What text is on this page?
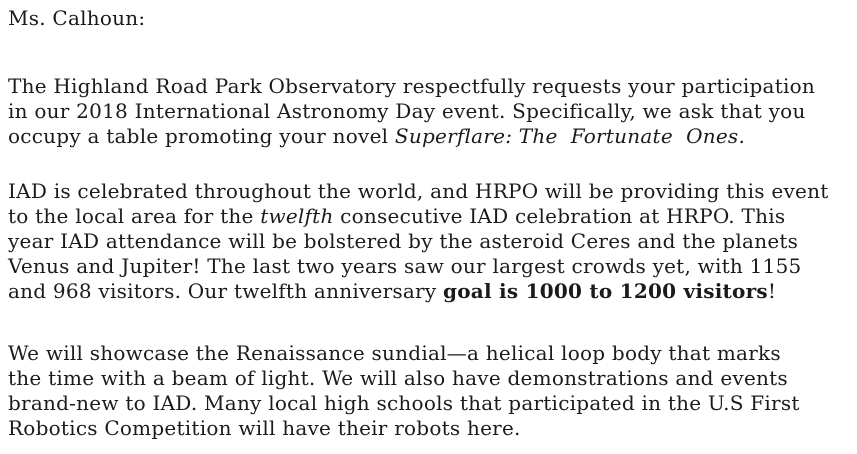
Ms. Calhoun:

The Highland Road Park Observatory respectfully requests your participation in our 2018 International Astronomy Day event. Specifically, we ask that you occupy a table promoting your novel Superflare: The  Fortunate  Ones.

IAD is celebrated throughout the world, and HRPO will be providing this event to the local area for the twelfth consecutive IAD celebration at HRPO. This year IAD attendance will be bolstered by the asteroid Ceres and the planets Venus and Jupiter! The last two years saw our largest crowds yet, with 1155 and 968 visitors. Our twelfth anniversary goal is 1000 to 1200 visitors!

We will showcase the Renaissance sundial—a helical loop body that marks the time with a beam of light. We will also have demonstrations and events brand-new to IAD. Many local high schools that participated in the U.S First Robotics Competition will have their robots here.
